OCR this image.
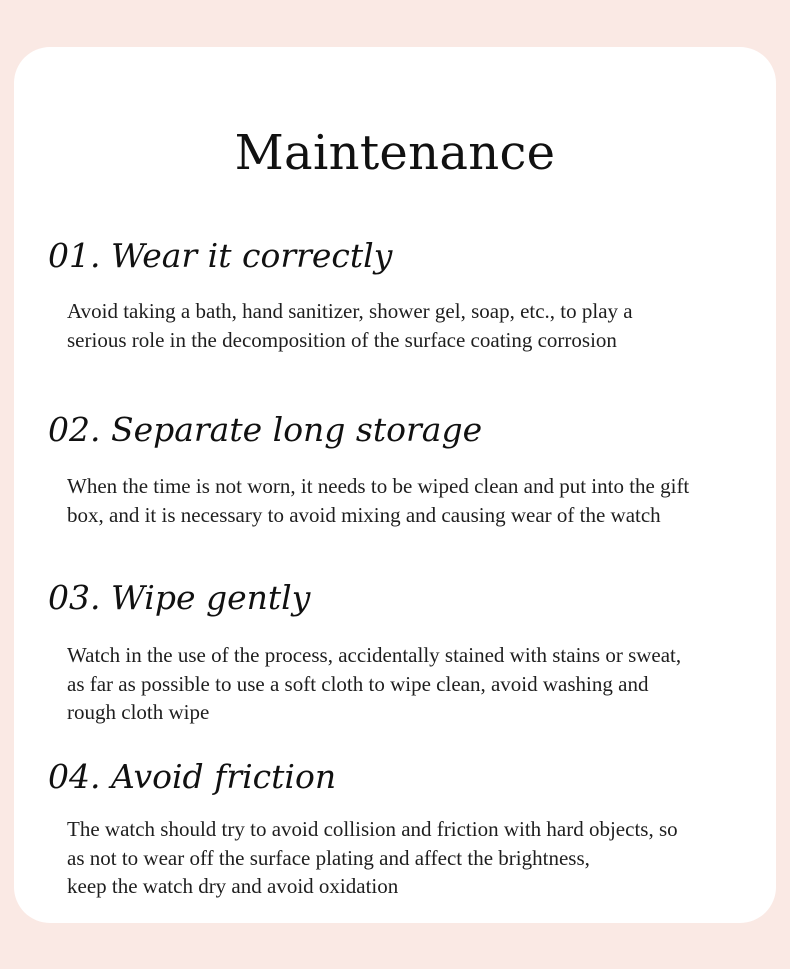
Maintenance
01. Wear it correctly

Avoid taking a bath, hand sanitizer, shower gel, soap, etc., to play a
serious role in the decomposition of the surface coating corrosion

02. Separate long storage

When the time is not worn, it needs to be wiped clean and put into the gift
box, and it is necessary to avoid mixing and causing wear of the watch

03. Wipe gently

Watch in the use of the process, accidentally stained with stains or sweat,
as far as possible to use a soft cloth to wipe clean, avoid washing and
rough cloth wipe

04. Avoid friction

The watch should try to avoid collision and friction with hard objects, so
as not to wear off the surface plating and affect the brightness,
keep the watch dry and avoid oxidation
